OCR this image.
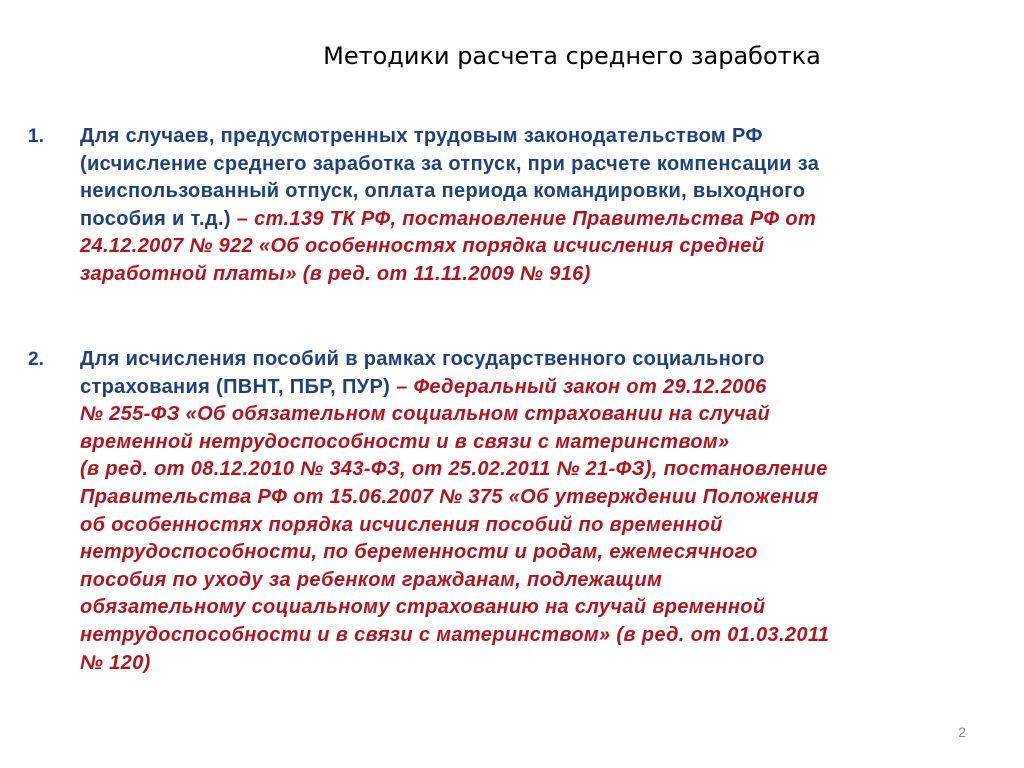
Методики расчета среднего заработка
1.	Для случаев, предусмотренных трудовым законодательством РФ
(исчисление среднего заработка за отпуск, при расчете компенсации за
неиспользованный отпуск, оплата периода командировки, выходного
пособия и т.д.) – ст.139 ТК РФ, постановление Правительства РФ от
24.12.2007 № 922 «Об особенностях порядка исчисления средней
заработной платы» (в ред. от 11.11.2009 № 916)
2.	Для исчисления пособий в рамках государственного социального
страхования (ПВНТ, ПБР, ПУР) – Федеральный закон от 29.12.2006
№ 255-ФЗ «Об обязательном социальном страховании на случай
временной нетрудоспособности и в связи с материнством»
(в ред. от 08.12.2010 № 343-ФЗ, от 25.02.2011 № 21-ФЗ), постановление
Правительства РФ от 15.06.2007 № 375 «Об утверждении Положения
об особенностях порядка исчисления пособий по временной
нетрудоспособности, по беременности и родам, ежемесячного
пособия по уходу за ребенком гражданам, подлежащим
обязательному социальному страхованию на случай временной
нетрудоспособности и в связи с материнством» (в ред. от 01.03.2011
№ 120)
2
